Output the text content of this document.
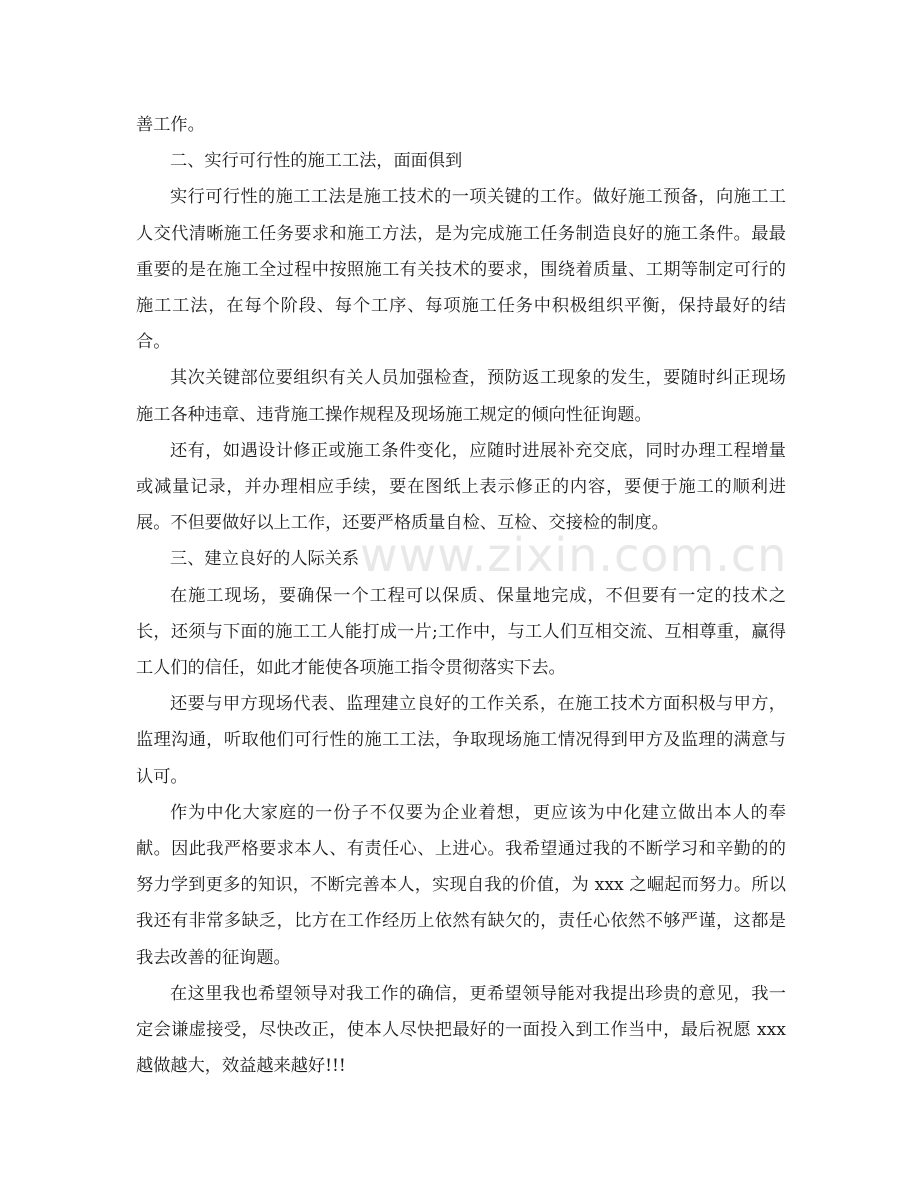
www.zixin.com.cn

善工作。

二、实行可行性的施工工法，面面俱到

实行可行性的施工工法是施工技术的一项关键的工作。做好施工预备，向施工工人交代清晰施工任务要求和施工方法，是为完成施工任务制造良好的施工条件。最最重要的是在施工全过程中按照施工有关技术的要求，围绕着质量、工期等制定可行的施工工法，在每个阶段、每个工序、每项施工任务中积极组织平衡，保持最好的结合。

其次关键部位要组织有关人员加强检查，预防返工现象的发生，要随时纠正现场施工各种违章、违背施工操作规程及现场施工规定的倾向性征询题。

还有，如遇设计修正或施工条件变化，应随时进展补充交底，同时办理工程增量或减量记录，并办理相应手续，要在图纸上表示修正的内容，要便于施工的顺利进展。不但要做好以上工作，还要严格质量自检、互检、交接检的制度。

三、建立良好的人际关系

在施工现场，要确保一个工程可以保质、保量地完成，不但要有一定的技术之长，还须与下面的施工工人能打成一片;工作中，与工人们互相交流、互相尊重，赢得工人们的信任，如此才能使各项施工指令贯彻落实下去。

还要与甲方现场代表、监理建立良好的工作关系，在施工技术方面积极与甲方，监理沟通，听取他们可行性的施工工法，争取现场施工情况得到甲方及监理的满意与认可。

作为中化大家庭的一份子不仅要为企业着想，更应该为中化建立做出本人的奉献。因此我严格要求本人、有责任心、上进心。我希望通过我的不断学习和辛勤的的努力学到更多的知识，不断完善本人，实现自我的价值，为 xxx 之崛起而努力。所以我还有非常多缺乏，比方在工作经历上依然有缺欠的，责任心依然不够严谨，这都是我去改善的征询题。

在这里我也希望领导对我工作的确信，更希望领导能对我提出珍贵的意见，我一定会谦虚接受，尽快改正，使本人尽快把最好的一面投入到工作当中，最后祝愿 xxx 越做越大，效益越来越好!!!
